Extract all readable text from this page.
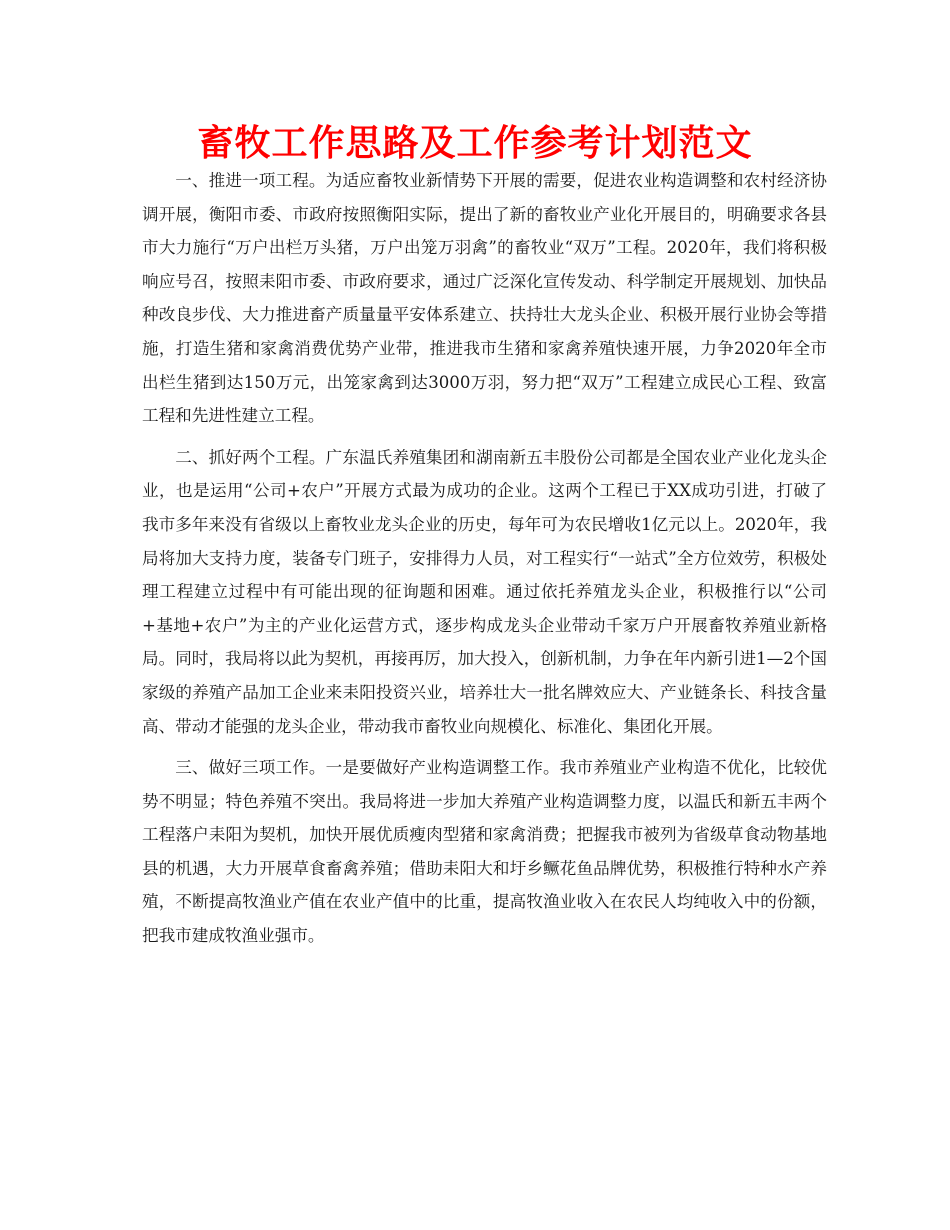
畜牧工作思路及工作参考计划范文

一、推进一项工程。为适应畜牧业新情势下开展的需要，促进农业构造调整和农村经济协调开展，衡阳市委、市政府按照衡阳实际，提出了新的畜牧业产业化开展目的，明确要求各县市大力施行“万户出栏万头猪，万户出笼万羽禽”的畜牧业“双万”工程。2020年，我们将积极响应号召，按照耒阳市委、市政府要求，通过广泛深化宣传发动、科学制定开展规划、加快品种改良步伐、大力推进畜产质量量平安体系建立、扶持壮大龙头企业、积极开展行业协会等措施，打造生猪和家禽消费优势产业带，推进我市生猪和家禽养殖快速开展，力争2020年全市出栏生猪到达150万元，出笼家禽到达3000万羽，努力把“双万”工程建立成民心工程、致富工程和先进性建立工程。

二、抓好两个工程。广东温氏养殖集团和湖南新五丰股份公司都是全国农业产业化龙头企业，也是运用“公司+农户”开展方式最为成功的企业。这两个工程已于XX成功引进，打破了我市多年来没有省级以上畜牧业龙头企业的历史，每年可为农民增收1亿元以上。2020年，我局将加大支持力度，装备专门班子，安排得力人员，对工程实行“一站式”全方位效劳，积极处理工程建立过程中有可能出现的征询题和困难。通过依托养殖龙头企业，积极推行以“公司+基地+农户”为主的产业化运营方式，逐步构成龙头企业带动千家万户开展畜牧养殖业新格局。同时，我局将以此为契机，再接再厉，加大投入，创新机制，力争在年内新引进1—2个国家级的养殖产品加工企业来耒阳投资兴业，培养壮大一批名牌效应大、产业链条长、科技含量高、带动才能强的龙头企业，带动我市畜牧业向规模化、标准化、集团化开展。

三、做好三项工作。一是要做好产业构造调整工作。我市养殖业产业构造不优化，比较优势不明显；特色养殖不突出。我局将进一步加大养殖产业构造调整力度，以温氏和新五丰两个工程落户耒阳为契机，加快开展优质瘦肉型猪和家禽消费；把握我市被列为省级草食动物基地县的机遇，大力开展草食畜禽养殖；借助耒阳大和圩乡鳜花鱼品牌优势，积极推行特种水产养殖，不断提高牧渔业产值在农业产值中的比重，提高牧渔业收入在农民人均纯收入中的份额，把我市建成牧渔业强市。
